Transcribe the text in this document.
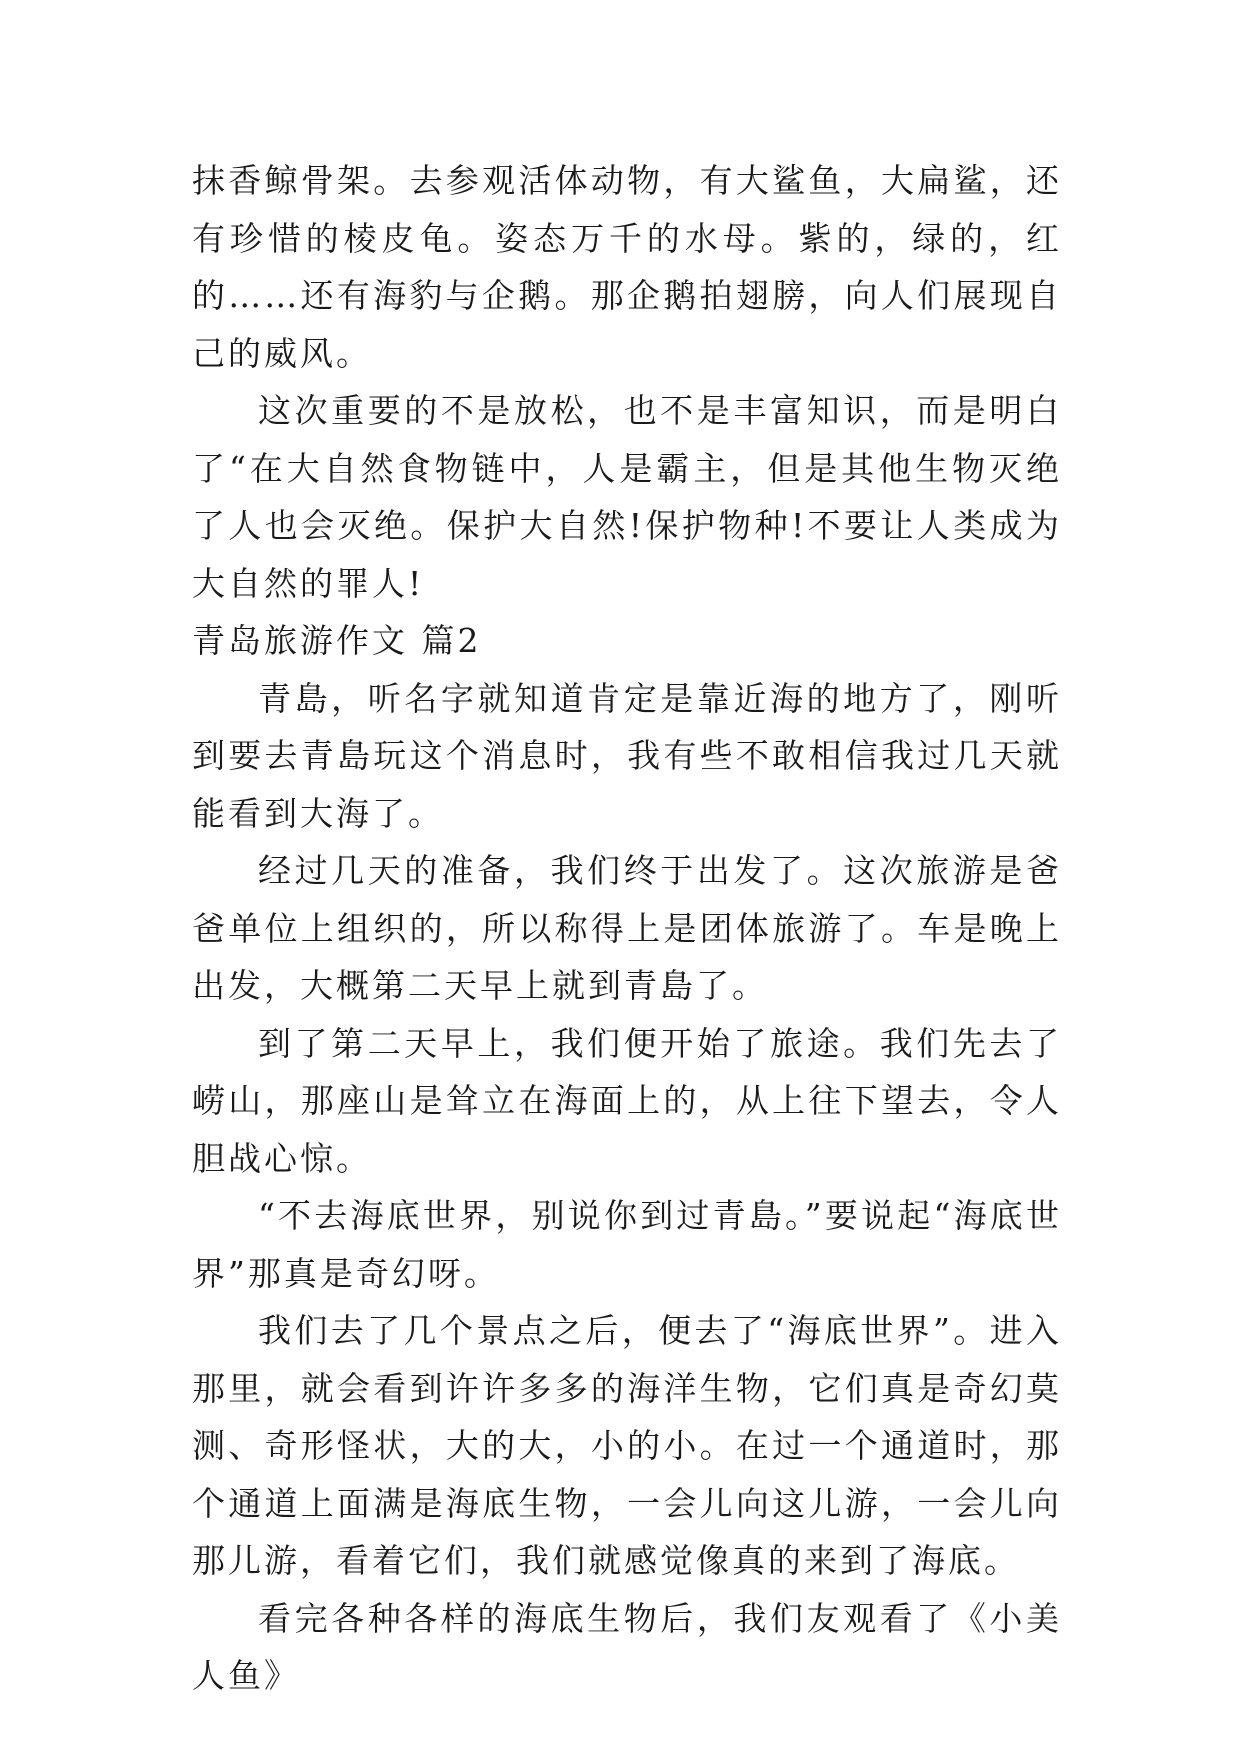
抹香鲸骨架。去参观活体动物，有大鲨鱼，大扁鲨，还有珍惜的棱皮龟。姿态万千的水母。紫的，绿的，红的……还有海豹与企鹅。那企鹅拍翅膀，向人们展现自己的威风。

这次重要的不是放松，也不是丰富知识，而是明白了“在大自然食物链中，人是霸主，但是其他生物灭绝了人也会灭绝。保护大自然!保护物种!不要让人类成为大自然的罪人!

青岛旅游作文 篇2

青島，听名字就知道肯定是靠近海的地方了，刚听到要去青島玩这个消息时，我有些不敢相信我过几天就能看到大海了。

经过几天的准备，我们终于出发了。这次旅游是爸爸单位上组织的，所以称得上是团体旅游了。车是晚上出发，大概第二天早上就到青島了。

到了第二天早上，我们便开始了旅途。我们先去了崂山，那座山是耸立在海面上的，从上往下望去，令人胆战心惊。

“不去海底世界，别说你到过青島。”要说起“海底世界”那真是奇幻呀。

我们去了几个景点之后，便去了“海底世界”。进入那里，就会看到许许多多的海洋生物，它们真是奇幻莫测、奇形怪状，大的大，小的小。在过一个通道时，那个通道上面满是海底生物，一会儿向这儿游，一会儿向那儿游，看着它们，我们就感觉像真的来到了海底。

看完各种各样的海底生物后，我们友观看了《小美人鱼》
